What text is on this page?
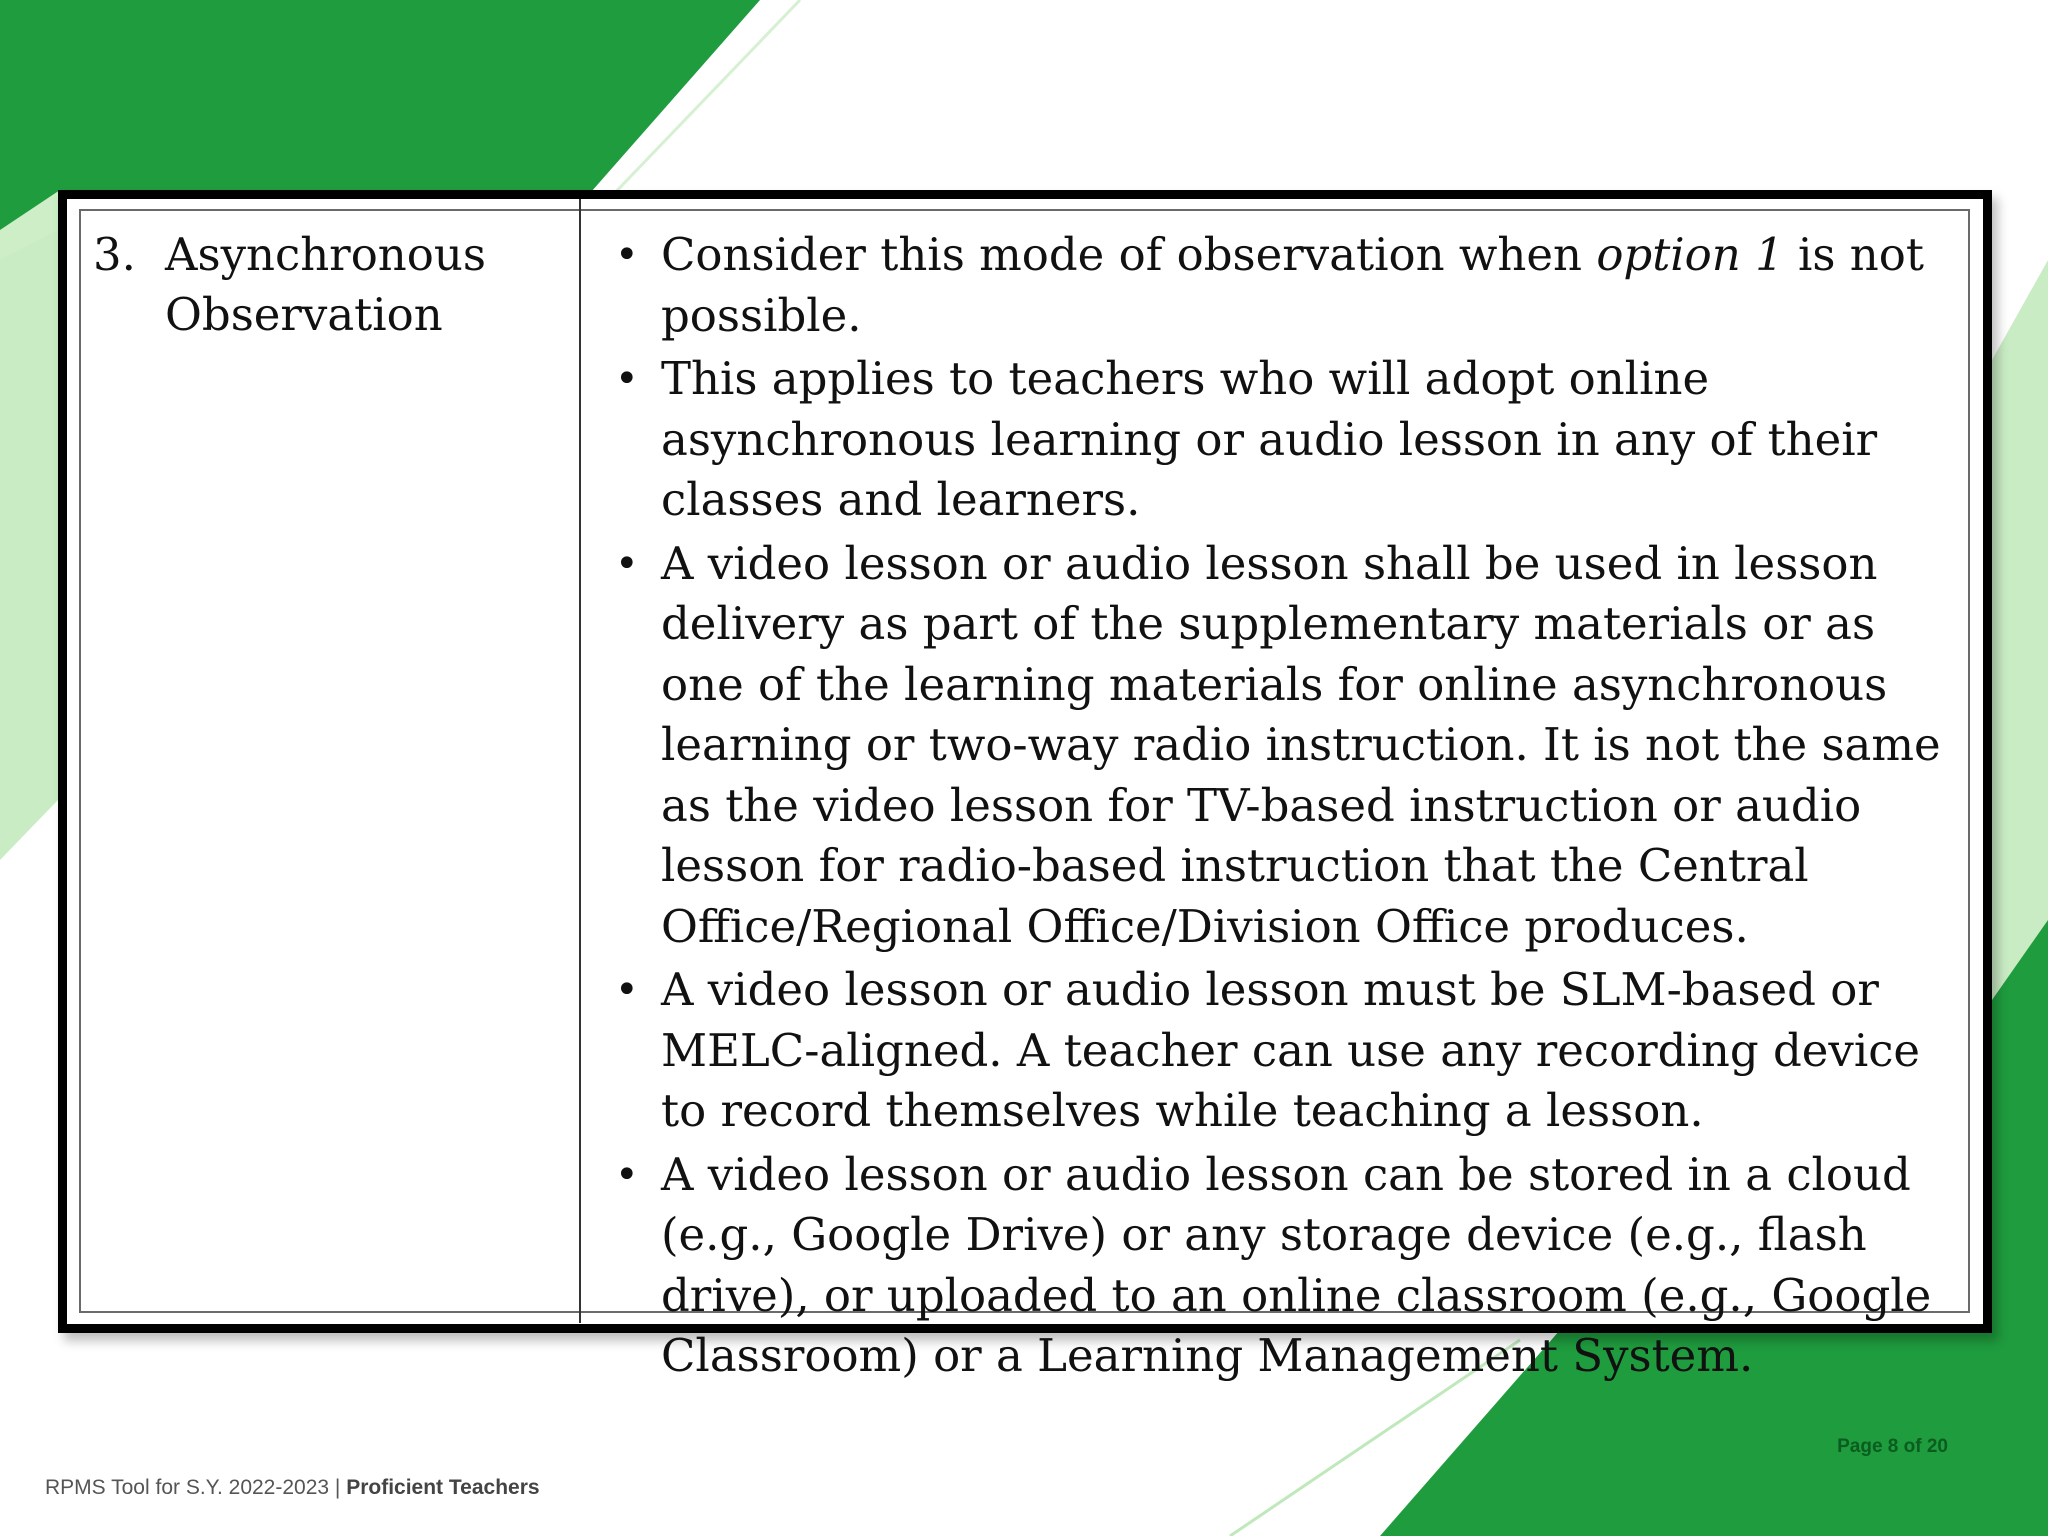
3. Asynchronous Observation
• Consider this mode of observation when option 1 is not possible.
• This applies to teachers who will adopt online asynchronous learning or audio lesson in any of their classes and learners.
• A video lesson or audio lesson shall be used in lesson delivery as part of the supplementary materials or as one of the learning materials for online asynchronous learning or two-way radio instruction. It is not the same as the video lesson for TV-based instruction or audio lesson for radio-based instruction that the Central Office/Regional Office/Division Office produces.
• A video lesson or audio lesson must be SLM-based or MELC-aligned. A teacher can use any recording device to record themselves while teaching a lesson.
• A video lesson or audio lesson can be stored in a cloud (e.g., Google Drive) or any storage device (e.g., flash drive), or uploaded to an online classroom (e.g., Google Classroom) or a Learning Management System.
Page 8 of 20
RPMS Tool for S.Y. 2022-2023 | Proficient Teachers
